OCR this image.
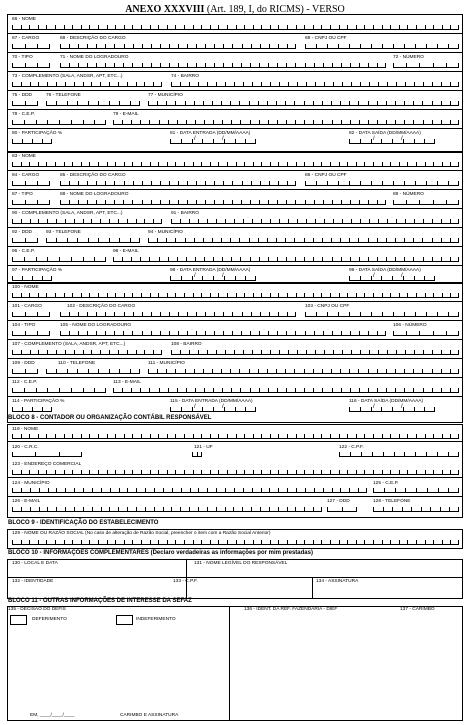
ANEXO XXXVIII (Art. 189, I, do RICMS) - VERSO
66 - NOME
67 - CARGO	68 - DESCRIÇÃO DO CARGO	69 - CNPJ OU CPF
70 - TIPO	71 - NOME DO LOGRADOURO	72 - NÚMERO
73 - COMPLEMENTO (SALA, ANDSR, APT, ETC...)	74 - BAIRRO
75 - DDD	76 - TELEFONE	77 - MUNICÍPIO
78 - C.E.P.	79 - E-MAIL
80 - PARTICIPAÇÃO %	81 - DATA ENTRADA (DD/MM/AAAA)	82 - DATA SAÍDA (DD/MM/AAAA)
/	/	/	/
83 - NOME
84 - CARGO	85 - DESCRIÇÃO DO CARGO	86 - CNPJ OU CPF
87 - TIPO	88 - NOME DO LOGRADOURO	89 - NÚMERO
90 - COMPLEMENTO (SALA, ANDSR, APT, ETC...)	91 - BAIRRO
92 - DDD	93 - TELEFONE	94 - MUNICÍPIO
95 - C.E.P.	96 - E-MAIL
97 - PARTICIPAÇÃO %	98 - DATA ENTRADA (DD/MM/AAAA)	99 - DATA SAÍDA (DD/MM/AAAA)
/	/	/	/
100 - NOME
101 - CARGO	102 - DESCRIÇÃO DO CARGO	103 - CNPJ OU CPF
104 - TIPO	105 - NOME DO LOGRADOURO	106 - NÚMERO
107 - COMPLEMENTO (SALA, ANDSR, APT, ETC...)	108 - BAIRRO
109 - DDD	110 - TELEFONE	111 - MUNICÍPIO
112 - C.E.P.	113 - E-MAIL
114 - PARTICIPAÇÃO %	115 - DATA ENTRADA (DD/MM/AAAA)	116 - DATA SAÍDA (DD/MM/AAAA)
/	/	/	/
BLOCO 8 - CONTADOR OU ORGANIZAÇÃO CONTÁBIL RESPONSÁVEL
119 - NOME
120 - C.R.C.	121 - UF	122 - C.P.F.
123 - ENDEREÇO COMERCIAL
124 - MUNICÍPIO	125 - C.E.P.
126 - E-MAIL	127 - DDD	128 - TELEFONE
BLOCO 9 - IDENTIFICAÇÃO DO ESTABELECIMENTO
129 - NOME OU RAZÃO SOCIAL (No caso de alteração de Razão Social, preencher o item com a Razão Social Anterior)
BLOCO 10 - INFORMAÇÕES COMPLEMENTARES (Declaro verdadeiras as informações por mim prestadas)
130 - LOCAL E DATA	131 - NOME LEGÍVEL DO RESPONSÁVEL
132 - IDENTIDADE	133 - C.P.F.	134 - ASSINATURA
BLOCO 11 - OUTRAS INFORMAÇÕES DE INTERESSE DA SEFAZ
135 - DECISÃO DO DEFIS
DEFERIMENTO	INDEFERIMENTO
136 - IDENT. DA REF. FAZENDÁRIA - DIEF	137 - CARIMBO
EM, ____/____/____	CARIMBO E ASSINATURA
